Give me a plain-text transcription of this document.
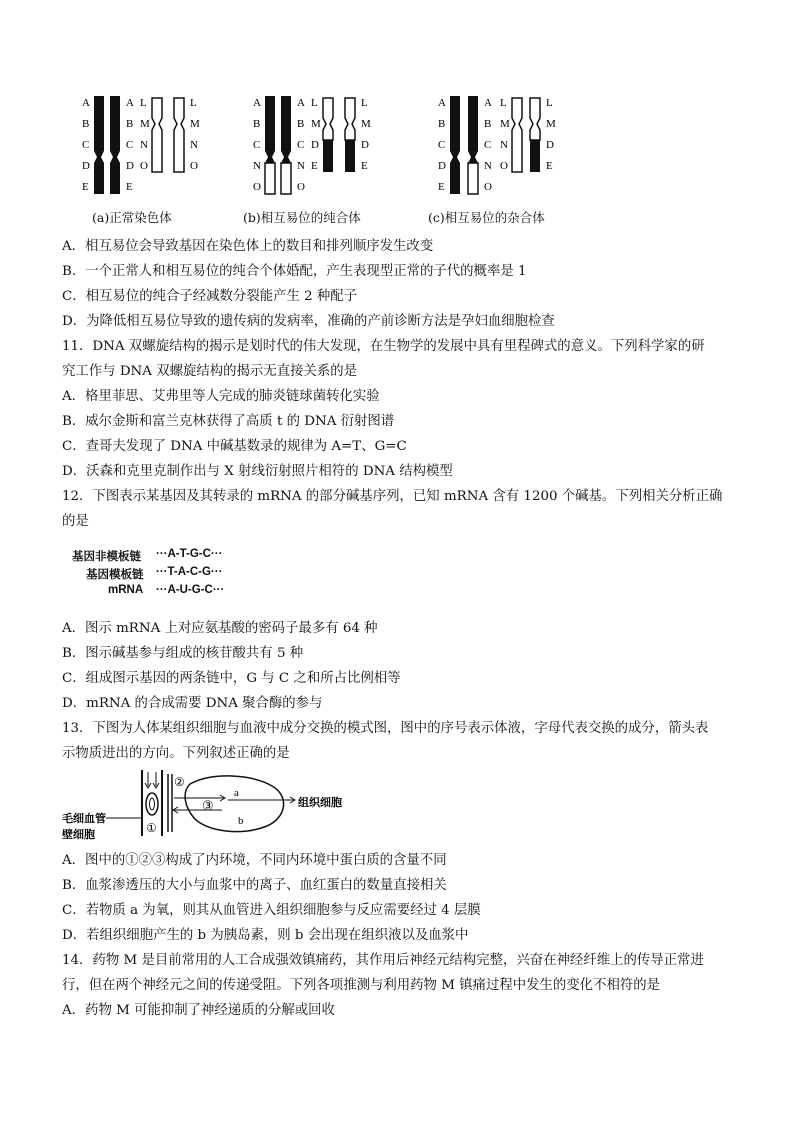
A
B
C
D
E
A
B
C
D
E
L
M
N
O
L
M
N
O
A
B
C
N
O
A
B
C
N
O
L
M
D
E
L
M
D
E
A
B
C
D
E
A
B
C
N
O
L
M
N
O
L
M
D
E
(a)正常染色体	(b)相互易位的纯合体	(c)相互易位的杂合体
A．相互易位会导致基因在染色体上的数目和排列顺序发生改变
B．一个正常人和相互易位的纯合个体婚配，产生表现型正常的子代的概率是 1
C．相互易位的纯合子经减数分裂能产生 2 种配子
D．为降低相互易位导致的遗传病的发病率，准确的产前诊断方法是孕妇血细胞检查
11．DNA 双螺旋结构的揭示是划时代的伟大发现，在生物学的发展中具有里程碑式的意义。下列科学家的研
究工作与 DNA 双螺旋结构的揭示无直接关系的是
A．格里菲思、艾弗里等人完成的肺炎链球菌转化实验
B．威尔金斯和富兰克林获得了高质 t 的 DNA 衍射图谱
C．查哥夫发现了 DNA 中碱基数录的规律为 A=T、G=C
D．沃森和克里克制作出与 X 射线衍射照片相符的 DNA 结构模型
12．下图表示某基因及其转录的 mRNA 的部分碱基序列，已知 mRNA 含有 1200 个碱基。下列相关分析正确
的是
基因非模板链 ···A-T-G-C···
基因模板链 ···T-A-C-G···
mRNA ···A-U-G-C···
A．图示 mRNA 上对应氨基酸的密码子最多有 64 种
B．图示碱基参与组成的核苷酸共有 5 种
C．组成图示基因的两条链中，G 与 C 之和所占比例相等
D．mRNA 的合成需要 DNA 聚合酶的参与
13．下图为人体某组织细胞与血液中成分交换的模式图，图中的序号表示体液，字母代表交换的成分，箭头表
示物质进出的方向。下列叙述正确的是
②
①
③
a
b
组织细胞
毛细血管
壁细胞
A．图中的①②③构成了内环境，不同内环境中蛋白质的含量不同
B．血浆渗透压的大小与血浆中的离子、血红蛋白的数量直接相关
C．若物质 a 为氧，则其从血管进入组织细胞参与反应需要经过 4 层膜
D．若组织细胞产生的 b 为胰岛素，则 b 会出现在组织液以及血浆中
14．药物 M 是目前常用的人工合成强效镇痛药，其作用后神经元结构完整，兴奋在神经纤维上的传导正常进
行，但在两个神经元之间的传递受阻。下列各项推测与利用药物 M 镇痛过程中发生的变化不相符的是
A．药物 M 可能抑制了神经递质的分解或回收
